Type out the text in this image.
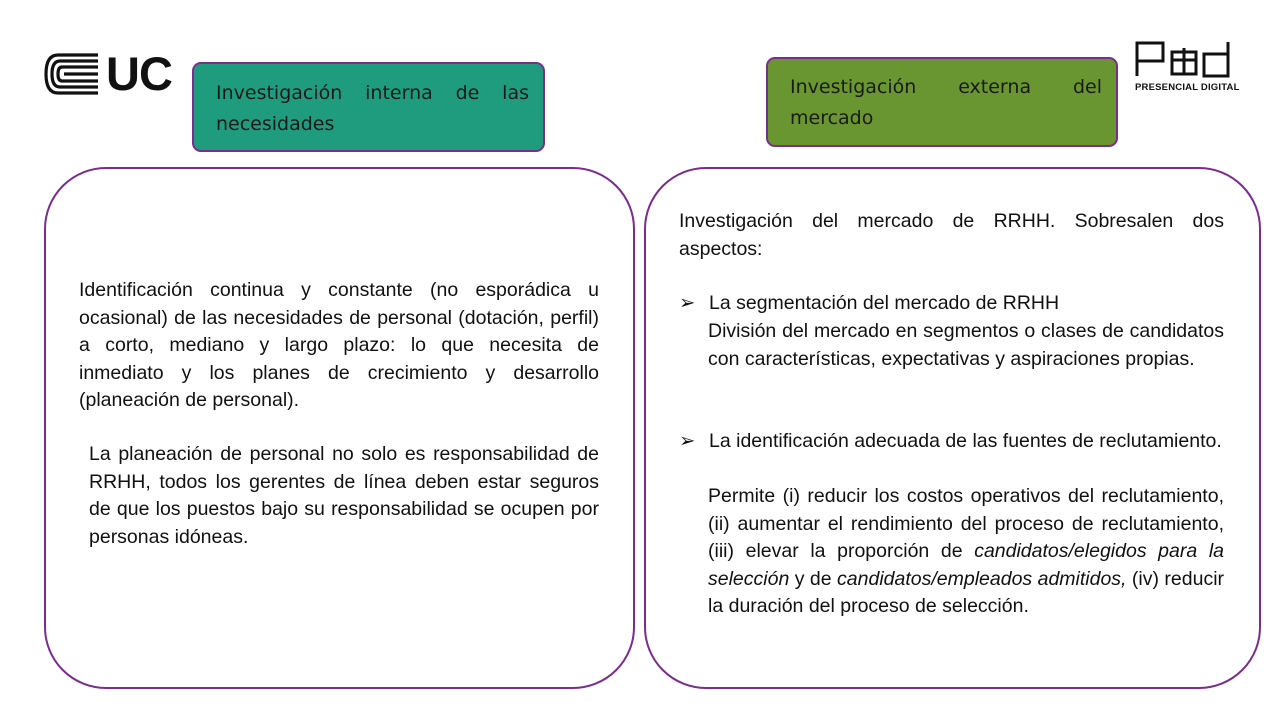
UC	PRESENCIAL DIGITAL
Investigación interna de las necesidades
Investigación externa del
mercado
Identificación continua y constante (no esporádica u ocasional) de las necesidades de personal (dotación, perfil) a corto, mediano y largo plazo: lo que necesita de inmediato y los planes de crecimiento y desarrollo (planeación de personal).
La planeación de personal no solo es responsabilidad de RRHH, todos los gerentes de línea deben estar seguros de que los puestos bajo su responsabilidad se ocupen por personas idóneas.
Investigación del mercado de RRHH. Sobresalen dos aspectos:
➢ La segmentación del mercado de RRHH
División del mercado en segmentos o clases de candidatos con características, expectativas y aspiraciones propias.
➢ La identificación adecuada de las fuentes de reclutamiento.
Permite (i) reducir los costos operativos del reclutamiento, (ii) aumentar el rendimiento del proceso de reclutamiento, (iii) elevar la proporción de candidatos/elegidos para la selección y de candidatos/empleados admitidos, (iv) reducir la duración del proceso de selección.
